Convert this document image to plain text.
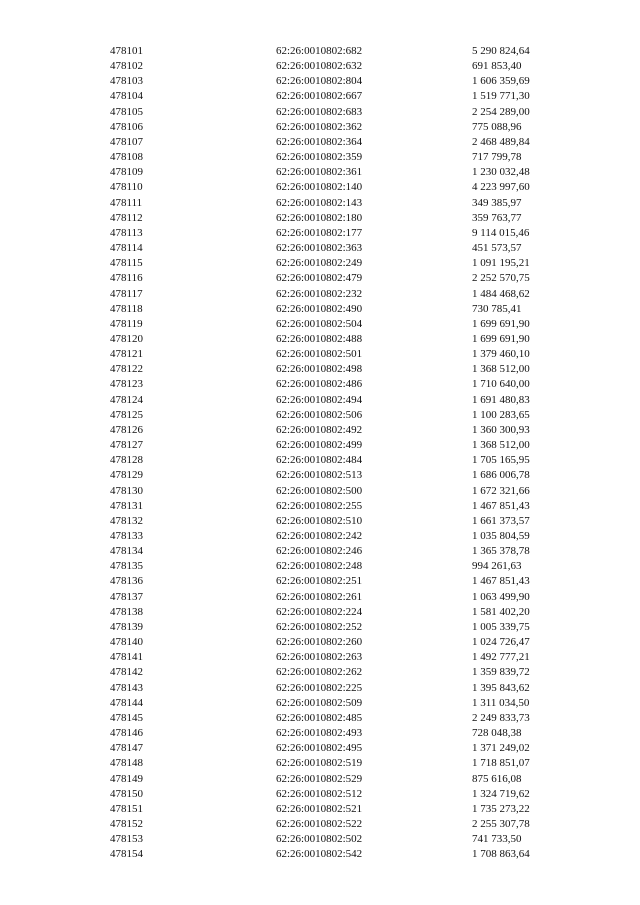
478101	62:26:0010802:682	5 290 824,64
478102	62:26:0010802:632	691 853,40
478103	62:26:0010802:804	1 606 359,69
478104	62:26:0010802:667	1 519 771,30
478105	62:26:0010802:683	2 254 289,00
478106	62:26:0010802:362	775 088,96
478107	62:26:0010802:364	2 468 489,84
478108	62:26:0010802:359	717 799,78
478109	62:26:0010802:361	1 230 032,48
478110	62:26:0010802:140	4 223 997,60
478111	62:26:0010802:143	349 385,97
478112	62:26:0010802:180	359 763,77
478113	62:26:0010802:177	9 114 015,46
478114	62:26:0010802:363	451 573,57
478115	62:26:0010802:249	1 091 195,21
478116	62:26:0010802:479	2 252 570,75
478117	62:26:0010802:232	1 484 468,62
478118	62:26:0010802:490	730 785,41
478119	62:26:0010802:504	1 699 691,90
478120	62:26:0010802:488	1 699 691,90
478121	62:26:0010802:501	1 379 460,10
478122	62:26:0010802:498	1 368 512,00
478123	62:26:0010802:486	1 710 640,00
478124	62:26:0010802:494	1 691 480,83
478125	62:26:0010802:506	1 100 283,65
478126	62:26:0010802:492	1 360 300,93
478127	62:26:0010802:499	1 368 512,00
478128	62:26:0010802:484	1 705 165,95
478129	62:26:0010802:513	1 686 006,78
478130	62:26:0010802:500	1 672 321,66
478131	62:26:0010802:255	1 467 851,43
478132	62:26:0010802:510	1 661 373,57
478133	62:26:0010802:242	1 035 804,59
478134	62:26:0010802:246	1 365 378,78
478135	62:26:0010802:248	994 261,63
478136	62:26:0010802:251	1 467 851,43
478137	62:26:0010802:261	1 063 499,90
478138	62:26:0010802:224	1 581 402,20
478139	62:26:0010802:252	1 005 339,75
478140	62:26:0010802:260	1 024 726,47
478141	62:26:0010802:263	1 492 777,21
478142	62:26:0010802:262	1 359 839,72
478143	62:26:0010802:225	1 395 843,62
478144	62:26:0010802:509	1 311 034,50
478145	62:26:0010802:485	2 249 833,73
478146	62:26:0010802:493	728 048,38
478147	62:26:0010802:495	1 371 249,02
478148	62:26:0010802:519	1 718 851,07
478149	62:26:0010802:529	875 616,08
478150	62:26:0010802:512	1 324 719,62
478151	62:26:0010802:521	1 735 273,22
478152	62:26:0010802:522	2 255 307,78
478153	62:26:0010802:502	741 733,50
478154	62:26:0010802:542	1 708 863,64
